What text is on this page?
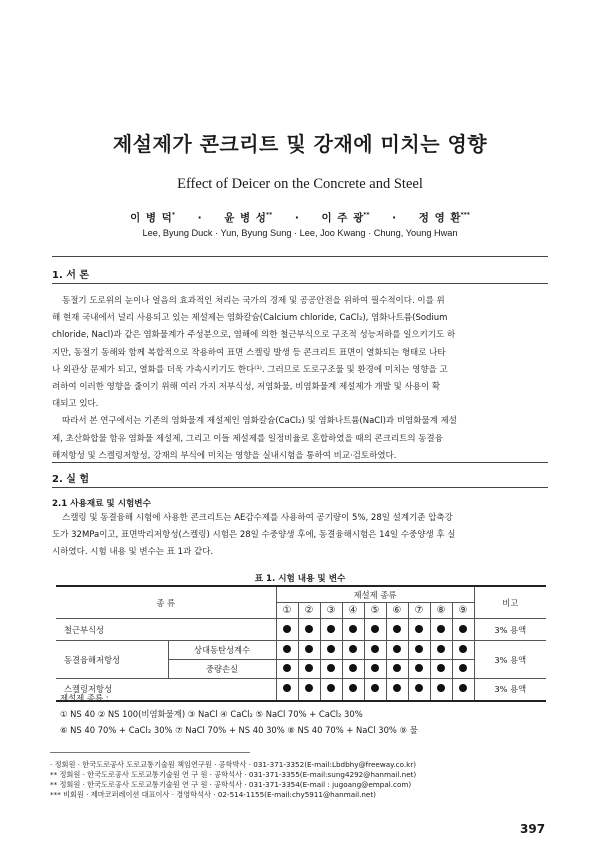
제설제가 콘크리트 및 강재에 미치는 영향
Effect of Deicer on the Concrete and Steel
이 병 덕* · 윤 병 성** · 이 주 광** · 정 영 환***
Lee, Byung Duck · Yun, Byung Sung · Lee, Joo Kwang · Chung, Young Hwan
1. 서 론
동절기 도로위의 눈이나 얼음의 효과적인 처리는 국가의 경제 및 공공안전을 위하여 필수적이다. 이를 위
해 현재 국내에서 널리 사용되고 있는 제설제는 염화칼슘(Calcium chloride, CaCl₂), 염화나트륨(Sodium
chloride, Nacl)과 같은 염화물계가 주성분으로, 염해에 의한 철근부식으로 구조적 성능저하를 일으키기도 하
지만, 동절기 동해와 함께 복합적으로 작용하여 표면 스켈링 발생 등 콘크리트 표면이 열화되는 형태로 나타
나 외관상 문제가 되고, 열화를 더욱 가속시키기도 한다⁽¹⁾. 그러므로 도로구조물 및 환경에 미치는 영향을 고
려하여 이러한 영향을 줄이기 위해 여러 가지 저부식성, 저염화물, 비염화물계 제설제가 개발 및 사용이 확
대되고 있다.
따라서 본 연구에서는 기존의 염화물계 제설제인 염화칼슘(CaCl₂) 및 염화나트륨(NaCl)과 비염화물계 제설
제, 초산화합물 함유 염화물 제설제, 그리고 이들 제설제를 일정비율로 혼합하였을 때의 콘크리트의 동결융
해저항성 및 스켈링저항성, 강재의 부식에 미치는 영향을 실내시험을 통하여 비교·검토하였다.
2. 실 험
2.1 사용재료 및 시험변수
스캘링 및 동결융해 시험에 사용한 콘크리트는 AE감수제를 사용하여 공기량이 5%, 28일 설계기준 압축강
도가 32MPa이고, 표면박리저항성(스켈링) 시험은 28일 수중양생 후에, 동결융해시험은 14일 수중양생 후 실
시하였다. 시험 내용 및 변수는 표 1과 같다.
표 1. 시험 내용 및 변수
종 류		제설제 종류									비고
		①	②	③	④	⑤	⑥	⑦	⑧	⑨	
철근부식성											3% 용액
동결융해저항성	상대동탄성계수										3% 용액
	중량손실										
스켈링저항성											3% 용액
제설제 종류 :
① NS 40 ② NS 100(비염화물계) ③ NaCl ④ CaCl₂ ⑤ NaCl 70% + CaCl₂ 30%
⑥ NS 40 70% + CaCl₂ 30% ⑦ NaCl 70% + NS 40 30% ⑧ NS 40 70% + NaCl 30% ⑨ 물
· 정회원 · 한국도로공사 도로교통기술원 책임연구원 · 공학박사 · 031-371-3352(E-mail:Lbdbhy@freeway.co.kr)
** 정회원 · 한국도로공사 도로교통기술원 연 구 원 · 공학석사 · 031-371-3355(E-mail:sung4292@hanmail.net)
** 정회원 · 한국도로공사 도로교통기술원 연 구 원 · 공학석사 · 031-371-3354(E-mail : jugoang@empal.com)
*** 비회원 · 제마코퍼레이션 대표이사 · 경영학석사 · 02-514-1155(E-mail:chy5911@hanmail.net)
397
